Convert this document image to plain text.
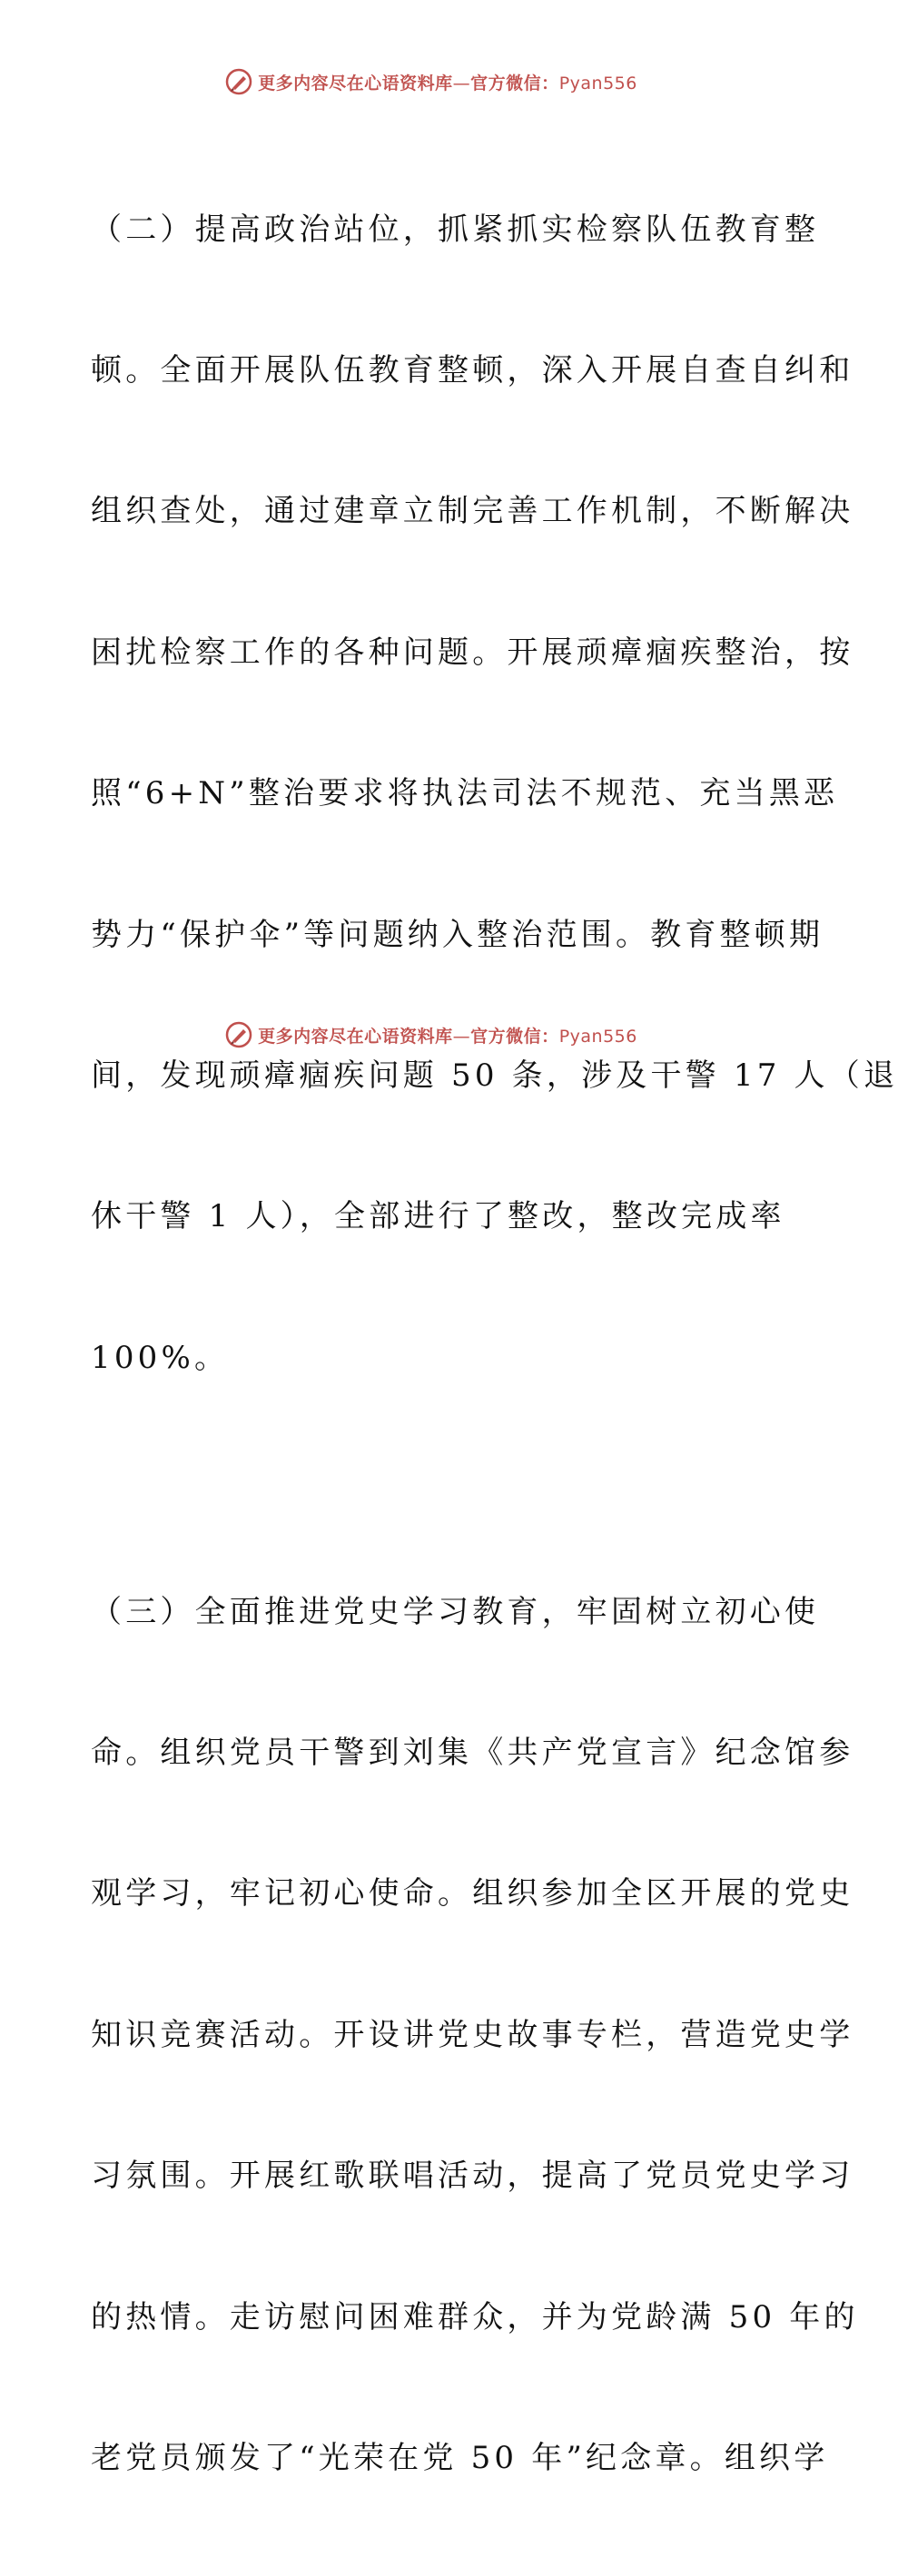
更多内容尽在心语资料库—官方微信：Pyan556

（二）提高政治站位，抓紧抓实检察队伍教育整

顿。全面开展队伍教育整顿，深入开展自查自纠和

组织查处，通过建章立制完善工作机制，不断解决

困扰检察工作的各种问题。开展顽瘴痼疾整治，按

照“6+N”整治要求将执法司法不规范、充当黑恶

势力“保护伞”等问题纳入整治范围。教育整顿期

间，发现顽瘴痼疾问题 50 条，涉及干警 17 人（退

休干警 1 人），全部进行了整改，整改完成率

100%。

（三）全面推进党史学习教育，牢固树立初心使

命。组织党员干警到刘集《共产党宣言》纪念馆参

观学习，牢记初心使命。组织参加全区开展的党史

知识竞赛活动。开设讲党史故事专栏，营造党史学

习氛围。开展红歌联唱活动，提高了党员党史学习

的热情。走访慰问困难群众，并为党龄满 50 年的

老党员颁发了“光荣在党 50 年”纪念章。组织学

更多内容尽在心语资料库—官方微信：Pyan556
